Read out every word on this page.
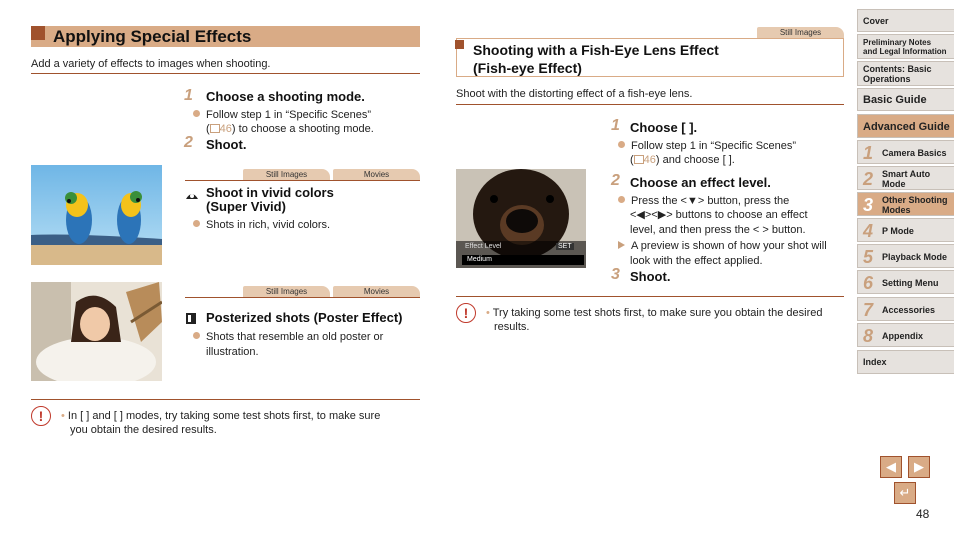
Applying Special Effects
Add a variety of effects to images when shooting.
1 Choose a shooting mode.
Follow step 1 in “Specific Scenes”
( 46) to choose a shooting mode.
2 Shoot.
Still Images	Movies
Shoot in vivid colors
(Super Vivid)
Shots in rich, vivid colors.
Still Images	Movies
Posterized shots (Poster Effect)
Shots that resemble an old poster or
illustration.
!	• In [ ] and [ ] modes, try taking some test shots first, to make sure
you obtain the desired results.
Still Images
Shooting with a Fish-Eye Lens Effect
(Fish-eye Effect)
Shoot with the distorting effect of a fish-eye lens.
Effect Level	SET
Medium
1 Choose [ ].
Follow step 1 in “Specific Scenes”
( 46) and choose [ ].
2 Choose an effect level.
Press the <▼> button, press the
<◀><▶> buttons to choose an effect
level, and then press the < > button.
A preview is shown of how your shot will
look with the effect applied.
3 Shoot.
!	• Try taking some test shots first, to make sure you obtain the desired
results.
Cover
Preliminary Notes
and Legal Information
Contents: Basic
Operations
Basic Guide
Advanced Guide
1 Camera Basics
2 Smart Auto
Mode
3 Other Shooting
Modes
4 P Mode
5 Playback Mode
6 Setting Menu
7 Accessories
8 Appendix
Index
◀	▶
↵
48
